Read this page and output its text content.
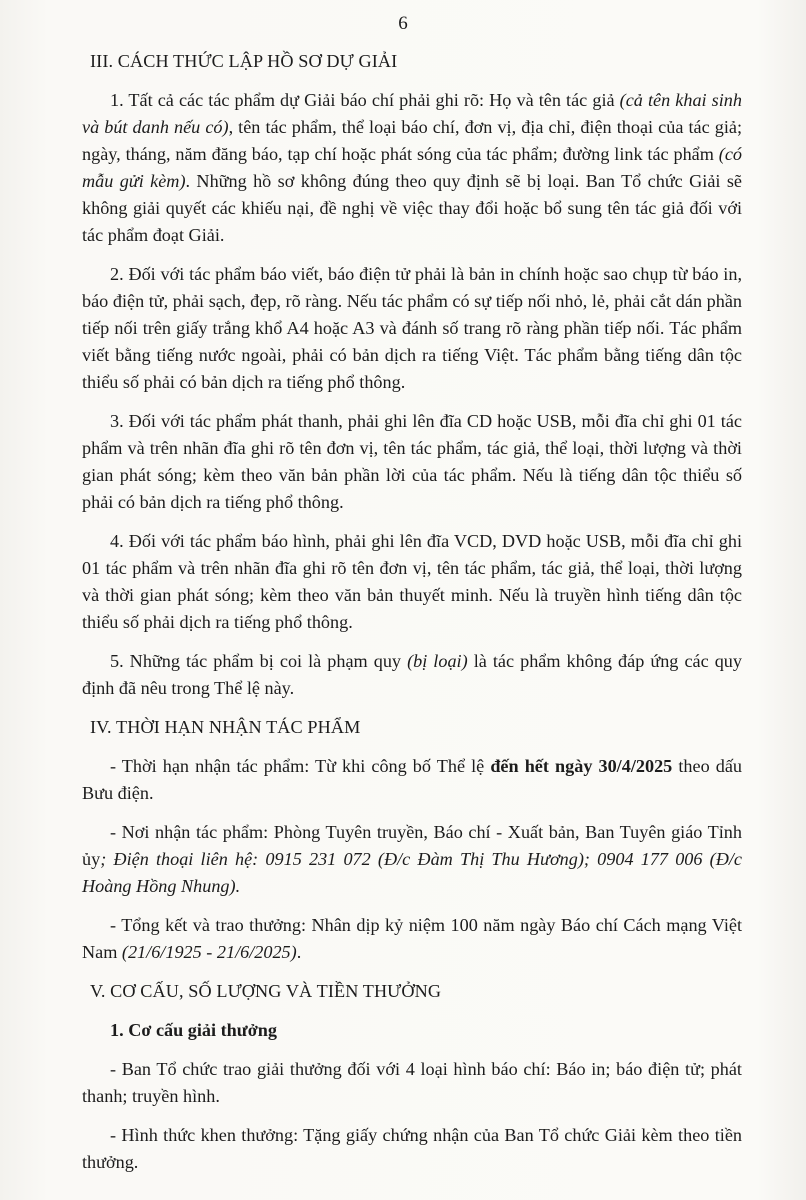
6
III. CÁCH THỨC LẬP HỒ SƠ DỰ GIẢI

1. Tất cả các tác phẩm dự Giải báo chí phải ghi rõ: Họ và tên tác giả (cả tên khai sinh và bút danh nếu có), tên tác phẩm, thể loại báo chí, đơn vị, địa chỉ, điện thoại của tác giả; ngày, tháng, năm đăng báo, tạp chí hoặc phát sóng của tác phẩm; đường link tác phẩm (có mẫu gửi kèm). Những hồ sơ không đúng theo quy định sẽ bị loại. Ban Tổ chức Giải sẽ không giải quyết các khiếu nại, đề nghị về việc thay đổi hoặc bổ sung tên tác giả đối với tác phẩm đoạt Giải.

2. Đối với tác phẩm báo viết, báo điện tử phải là bản in chính hoặc sao chụp từ báo in, báo điện tử, phải sạch, đẹp, rõ ràng. Nếu tác phẩm có sự tiếp nối nhỏ, lẻ, phải cắt dán phần tiếp nối trên giấy trắng khổ A4 hoặc A3 và đánh số trang rõ ràng phần tiếp nối. Tác phẩm viết bằng tiếng nước ngoài, phải có bản dịch ra tiếng Việt. Tác phẩm bằng tiếng dân tộc thiểu số phải có bản dịch ra tiếng phổ thông.

3. Đối với tác phẩm phát thanh, phải ghi lên đĩa CD hoặc USB, mỗi đĩa chỉ ghi 01 tác phẩm và trên nhãn đĩa ghi rõ tên đơn vị, tên tác phẩm, tác giả, thể loại, thời lượng và thời gian phát sóng; kèm theo văn bản phần lời của tác phẩm. Nếu là tiếng dân tộc thiểu số phải có bản dịch ra tiếng phổ thông.

4. Đối với tác phẩm báo hình, phải ghi lên đĩa VCD, DVD hoặc USB, mỗi đĩa chỉ ghi 01 tác phẩm và trên nhãn đĩa ghi rõ tên đơn vị, tên tác phẩm, tác giả, thể loại, thời lượng và thời gian phát sóng; kèm theo văn bản thuyết minh. Nếu là truyền hình tiếng dân tộc thiểu số phải dịch ra tiếng phổ thông.

5. Những tác phẩm bị coi là phạm quy (bị loại) là tác phẩm không đáp ứng các quy định đã nêu trong Thể lệ này.

IV. THỜI HẠN NHẬN TÁC PHẨM

- Thời hạn nhận tác phẩm: Từ khi công bố Thể lệ đến hết ngày 30/4/2025 theo dấu Bưu điện.

- Nơi nhận tác phẩm: Phòng Tuyên truyền, Báo chí - Xuất bản, Ban Tuyên giáo Tỉnh ủy; Điện thoại liên hệ: 0915 231 072 (Đ/c Đàm Thị Thu Hương); 0904 177 006 (Đ/c Hoàng Hồng Nhung).

- Tổng kết và trao thưởng: Nhân dịp kỷ niệm 100 năm ngày Báo chí Cách mạng Việt Nam (21/6/1925 - 21/6/2025).

V. CƠ CẤU, SỐ LƯỢNG VÀ TIỀN THƯỞNG
1. Cơ cấu giải thưởng

- Ban Tổ chức trao giải thưởng đối với 4 loại hình báo chí: Báo in; báo điện tử; phát thanh; truyền hình.

- Hình thức khen thưởng: Tặng giấy chứng nhận của Ban Tổ chức Giải kèm theo tiền thưởng.
